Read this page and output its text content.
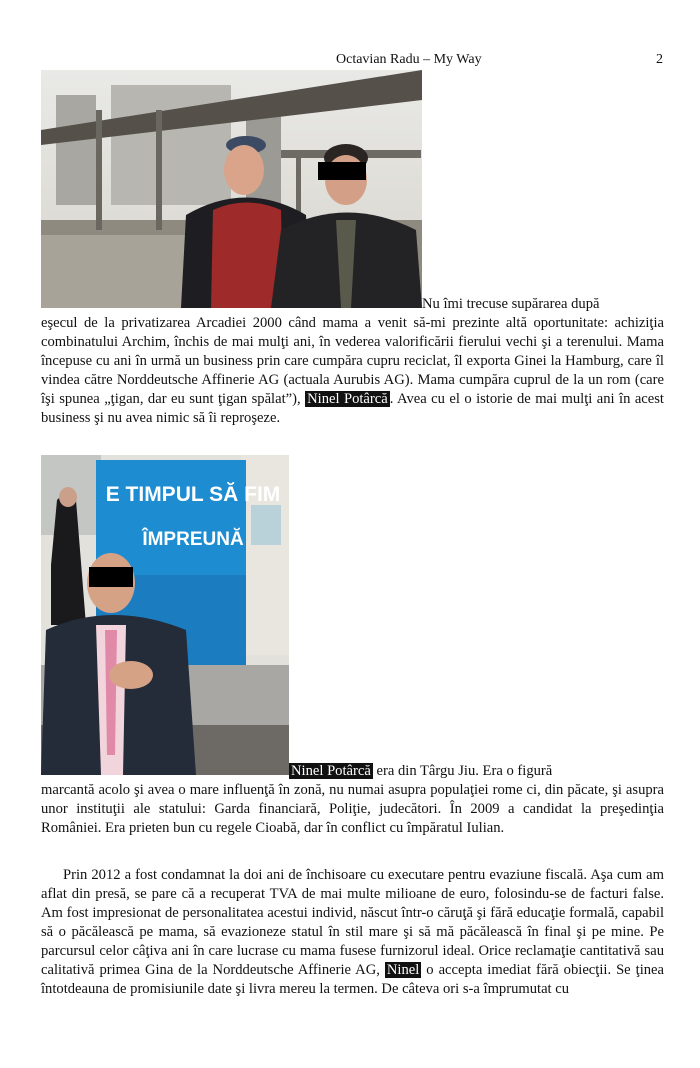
Octavian Radu – My Way	2

Nu îmi trecuse supărarea după

eşecul de la privatizarea Arcadiei 2000 când mama a venit să-mi prezinte altă oportunitate: achiziţia combinatului Archim, închis de mai mulţi ani, în vederea valorificării fierului vechi şi a terenului. Mama începuse cu ani în urmă un business prin care cumpăra cupru reciclat, îl exporta Ginei la Hamburg, care îl vindea către Norddeutsche Affinerie AG (actuala Aurubis AG). Mama cumpăra cuprul de la un rom (care îşi spunea „ţigan, dar eu sunt ţigan spălat”), Ninel Potârcă . Avea cu el o istorie de mai mulţi ani în acest business şi nu avea nimic să îi reproşeze.

E TIMPUL SĂ FIM
ÎMPREUNĂ

Ninel Potârcă era din Târgu Jiu. Era o figură

marcantă acolo şi avea o mare influenţă în zonă, nu numai asupra populaţiei rome ci, din păcate, şi asupra unor instituţii ale statului: Garda financiară, Poliţie, judecători. În 2009 a candidat la preşedinţia României. Era prieten bun cu regele Cioabă, dar în conflict cu împăratul Iulian.

Prin 2012 a fost condamnat la doi ani de închisoare cu executare pentru evaziune fiscală. Aşa cum am aflat din presă, se pare că a recuperat TVA de mai multe milioane de euro, folosindu-se de facturi false. Am fost impresionat de personalitatea acestui individ, născut într-o căruţă şi fără educaţie formală, capabil să o păcălească pe mama, să evazioneze statul în stil mare şi să mă păcălească în final şi pe mine. Pe parcursul celor câţiva ani în care lucrase cu mama fusese furnizorul ideal. Orice reclamaţie cantitativă sau calitativă primea Gina de la Norddeutsche Affinerie AG, Ninel o accepta imediat fără obiecţii. Se ţinea întotdeauna de promisiunile date şi livra mereu la termen. De câteva ori s-a împrumutat cu
